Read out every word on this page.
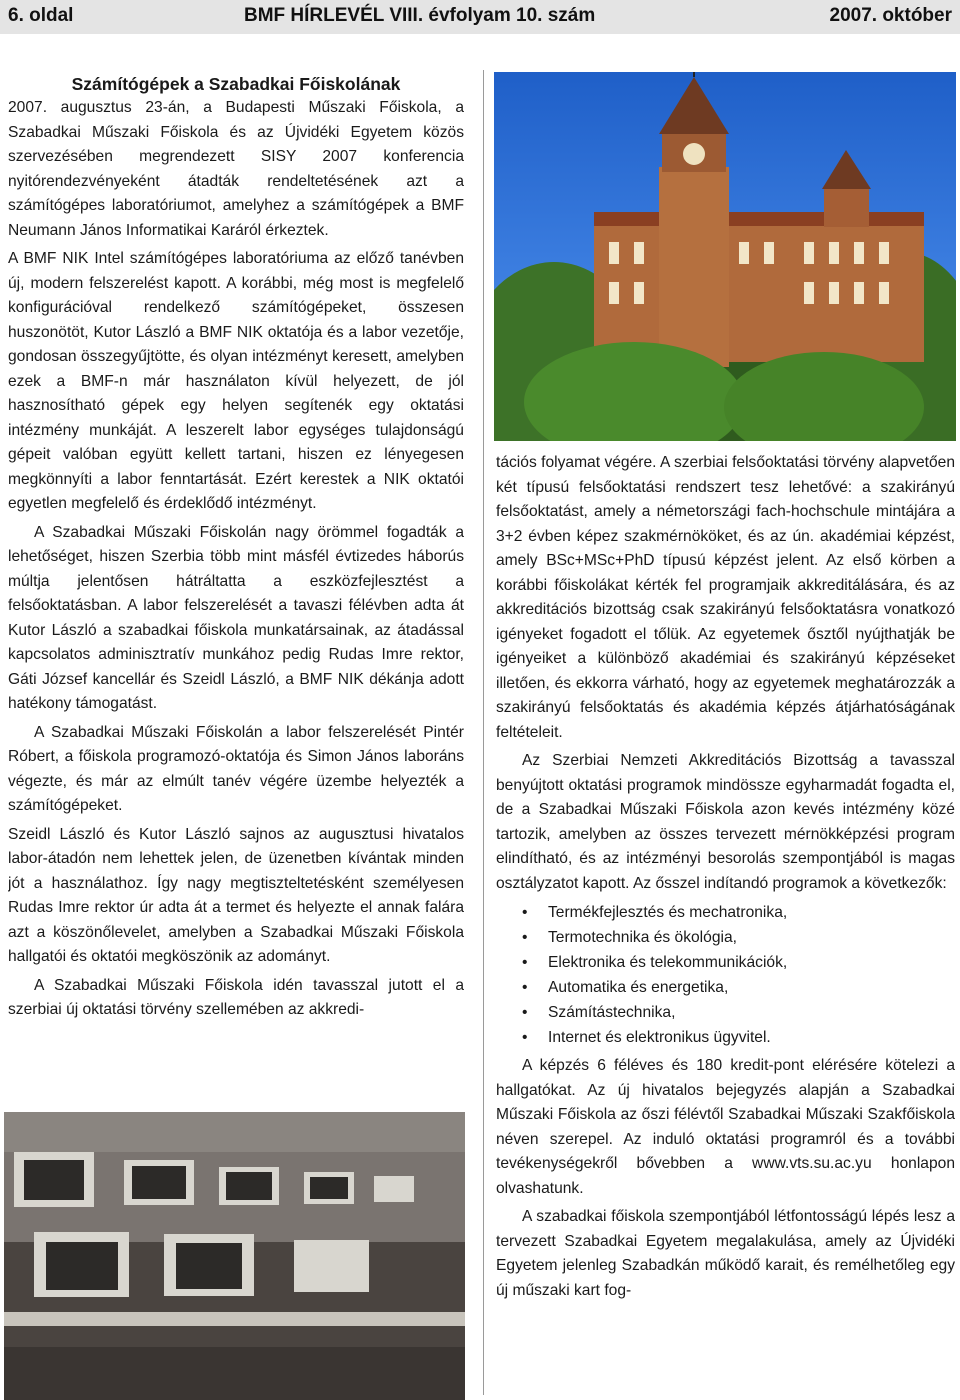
6. oldal	BMF HÍRLEVÉL VIII. évfolyam 10. szám	2007. október
Számítógépek a Szabadkai Főiskolának

2007. augusztus 23-án, a Budapesti Műszaki Főiskola, a Szabadkai Műszaki Főiskola és az Újvidéki Egyetem közös szervezésében megrendezett SISY 2007 konferencia nyitórendezvényeként átadták rendeltetésének azt a számítógépes laboratóriumot, amelyhez a számítógépek a BMF Neumann János Informatikai Karáról érkeztek.

A BMF NIK Intel számítógépes laboratóriuma az előző tanévben új, modern felszerelést kapott. A korábbi, még most is megfelelő konfigurációval rendelkező számítógépeket, összesen huszonötöt, Kutor László a BMF NIK oktatója és a labor vezetője, gondosan összegyűjtötte, és olyan intézményt keresett, amelyben ezek a BMF-n már használaton kívül helyezett, de jól hasznosítható gépek egy helyen segítenék egy oktatási intézmény munkáját. A leszerelt labor egységes tulajdonságú gépeit valóban együtt kellett tartani, hiszen ez lényegesen megkönnyíti a labor fenntartását. Ezért kerestek a NIK oktatói egyetlen megfelelő és érdeklődő intézményt.

A Szabadkai Műszaki Főiskolán nagy örömmel fogadták a lehetőséget, hiszen Szerbia több mint másfél évtizedes háborús múltja jelentősen hátráltatta a eszközfejlesztést a felsőoktatásban. A labor felszerelését a tavaszi félévben adta át Kutor László a szabadkai főiskola munkatársainak, az átadással kapcsolatos adminisztratív munkához pedig Rudas Imre rektor, Gáti József kancellár és Szeidl László, a BMF NIK dékánja adott hatékony támogatást.

A Szabadkai Műszaki Főiskolán a labor felszerelését Pintér Róbert, a főiskola programozó-oktatója és Simon János laboráns végezte, és már az elmúlt tanév végére üzembe helyezték a számítógépeket.

Szeidl László és Kutor László sajnos az augusztusi hivatalos labor-átadón nem lehettek jelen, de üzenetben kívántak minden jót a használathoz. Így nagy megtiszteltetésként személyesen Rudas Imre rektor úr adta át a termet és helyezte el annak falára azt a köszönőlevelet, amelyben a Szabadkai Műszaki Főiskola hallgatói és oktatói megköszönik az adományt.

A Szabadkai Műszaki Főiskola idén tavasszal jutott el a szerbiai új oktatási törvény szellemében az akkredi-

tációs folyamat végére. A szerbiai felsőoktatási törvény alapvetően két típusú felsőoktatási rendszert tesz lehetővé: a szakirányú felsőoktatást, amely a németországi fach-hochschule mintájára a 3+2 évben képez szakmérnököket, és az ún. akadémiai képzést, amely BSc+MSc+PhD típusú képzést jelent. Az első körben a korábbi főiskolákat kérték fel programjaik akkreditálására, és az akkreditációs bizottság csak szakirányú felsőoktatásra vonatkozó igényeket fogadott el tőlük. Az egyetemek ősztől nyújthatják be igényeiket a különböző akadémiai és szakirányú képzéseket illetően, és ekkorra várható, hogy az egyetemek meghatározzák a szakirányú felsőoktatás és akadémia képzés átjárhatóságának feltételeit.

Az Szerbiai Nemzeti Akkreditációs Bizottság a tavasszal benyújtott oktatási programok mindössze egyharmadát fogadta el, de a Szabadkai Műszaki Főiskola azon kevés intézmény közé tartozik, amelyben az összes tervezett mérnökképzési program elindítható, és az intézményi besorolás szempontjából is magas osztályzatot kapott. Az ősszel indítandó programok a következők:

• Termékfejlesztés és mechatronika,
• Termotechnika és ökológia,
• Elektronika és telekommunikációk,
• Automatika és energetika,
• Számítástechnika,
• Internet és elektronikus ügyvitel.

A képzés 6 féléves és 180 kredit-pont elérésére kötelezi a hallgatókat. Az új hivatalos bejegyzés alapján a Szabadkai Műszaki Főiskola az őszi félévtől Szabadkai Műszaki Szakfőiskola néven szerepel. Az induló oktatási programról és a további tevékenységekről bővebben a www.vts.su.ac.yu honlapon olvashatunk.

A szabadkai főiskola szempontjából létfontosságú lépés lesz a tervezett Szabadkai Egyetem megalakulása, amely az Újvidéki Egyetem jelenleg Szabadkán működő karait, és remélhetőleg egy új műszaki kart fog-
